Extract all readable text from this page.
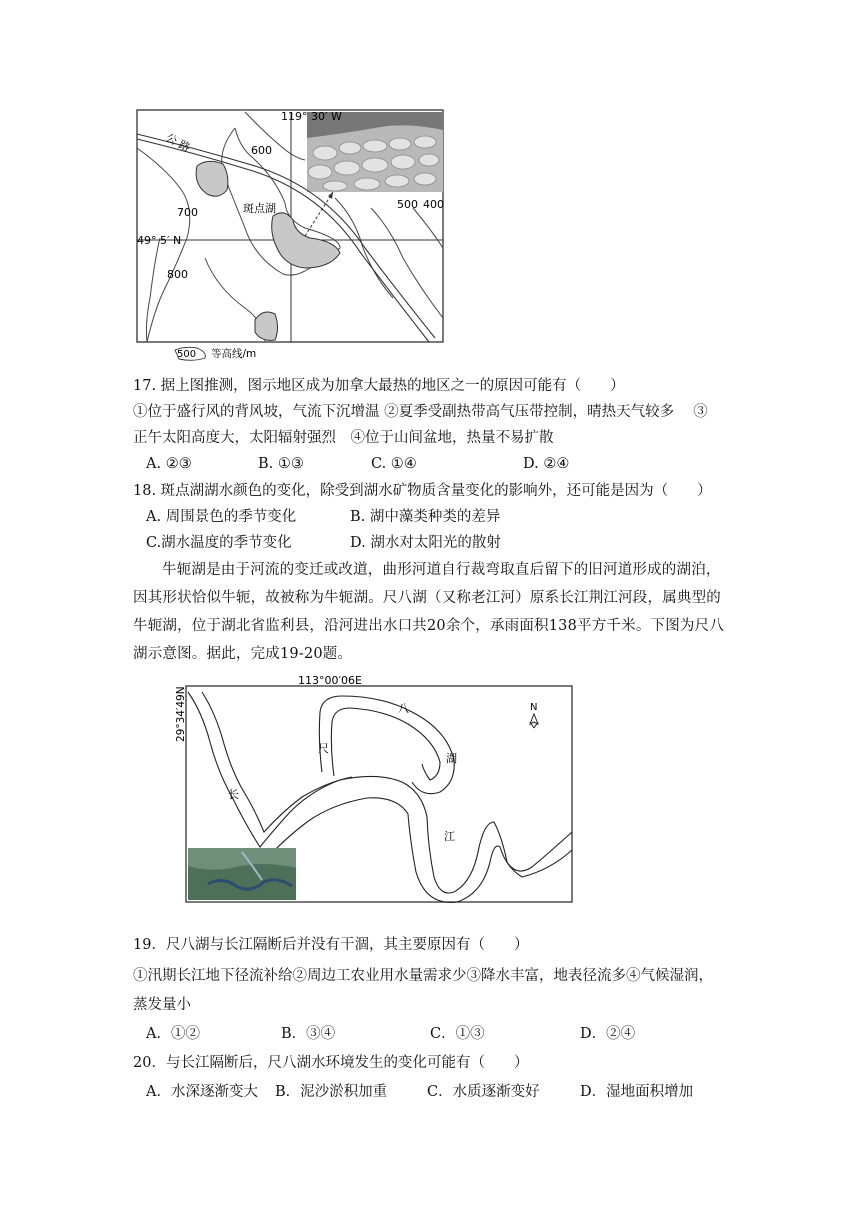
119° 30′ W
49° 5′ N
公 路
斑点湖
600
700
800
500 400
500 等高线/m
17. 据上图推测，图示地区成为加拿大最热的地区之一的原因可能有（　　）
①位于盛行风的背风坡，气流下沉增温 ②夏季受副热带高气压带控制，晴热天气较多　 ③
正午太阳高度大，太阳辐射强烈　④位于山间盆地，热量不易扩散
A. ②③	B. ①③	C. ①④	D. ②④
18. 斑点湖湖水颜色的变化，除受到湖水矿物质含量变化的影响外，还可能是因为（　　）
A. 周围景色的季节变化	B. 湖中藻类种类的差异
C.湖水温度的季节变化	D. 湖水对太阳光的散射
牛轭湖是由于河流的变迁或改道，曲形河道自行裁弯取直后留下的旧河道形成的湖泊，因其形状恰似牛轭，故被称为牛轭湖。尺八湖（又称老江河）原系长江荆江河段，属典型的牛轭湖，位于湖北省监利县，沿河进出水口共20余个，承雨面积138平方千米。下图为尺八湖示意图。据此，完成19-20题。
113°00′06E
29°34′49N	N
长
江
尺
八
湖
19．尺八湖与长江隔断后并没有干涸，其主要原因有（　　）
①汛期长江地下径流补给②周边工农业用水量需求少③降水丰富，地表径流多④气候湿润，
蒸发量小
A．①②	B．③④	C．①③	D．②④
20．与长江隔断后，尺八湖水环境发生的变化可能有（　　）
A．水深逐渐变大 B．泥沙淤积加重	C．水质逐渐变好	D．湿地面积增加
